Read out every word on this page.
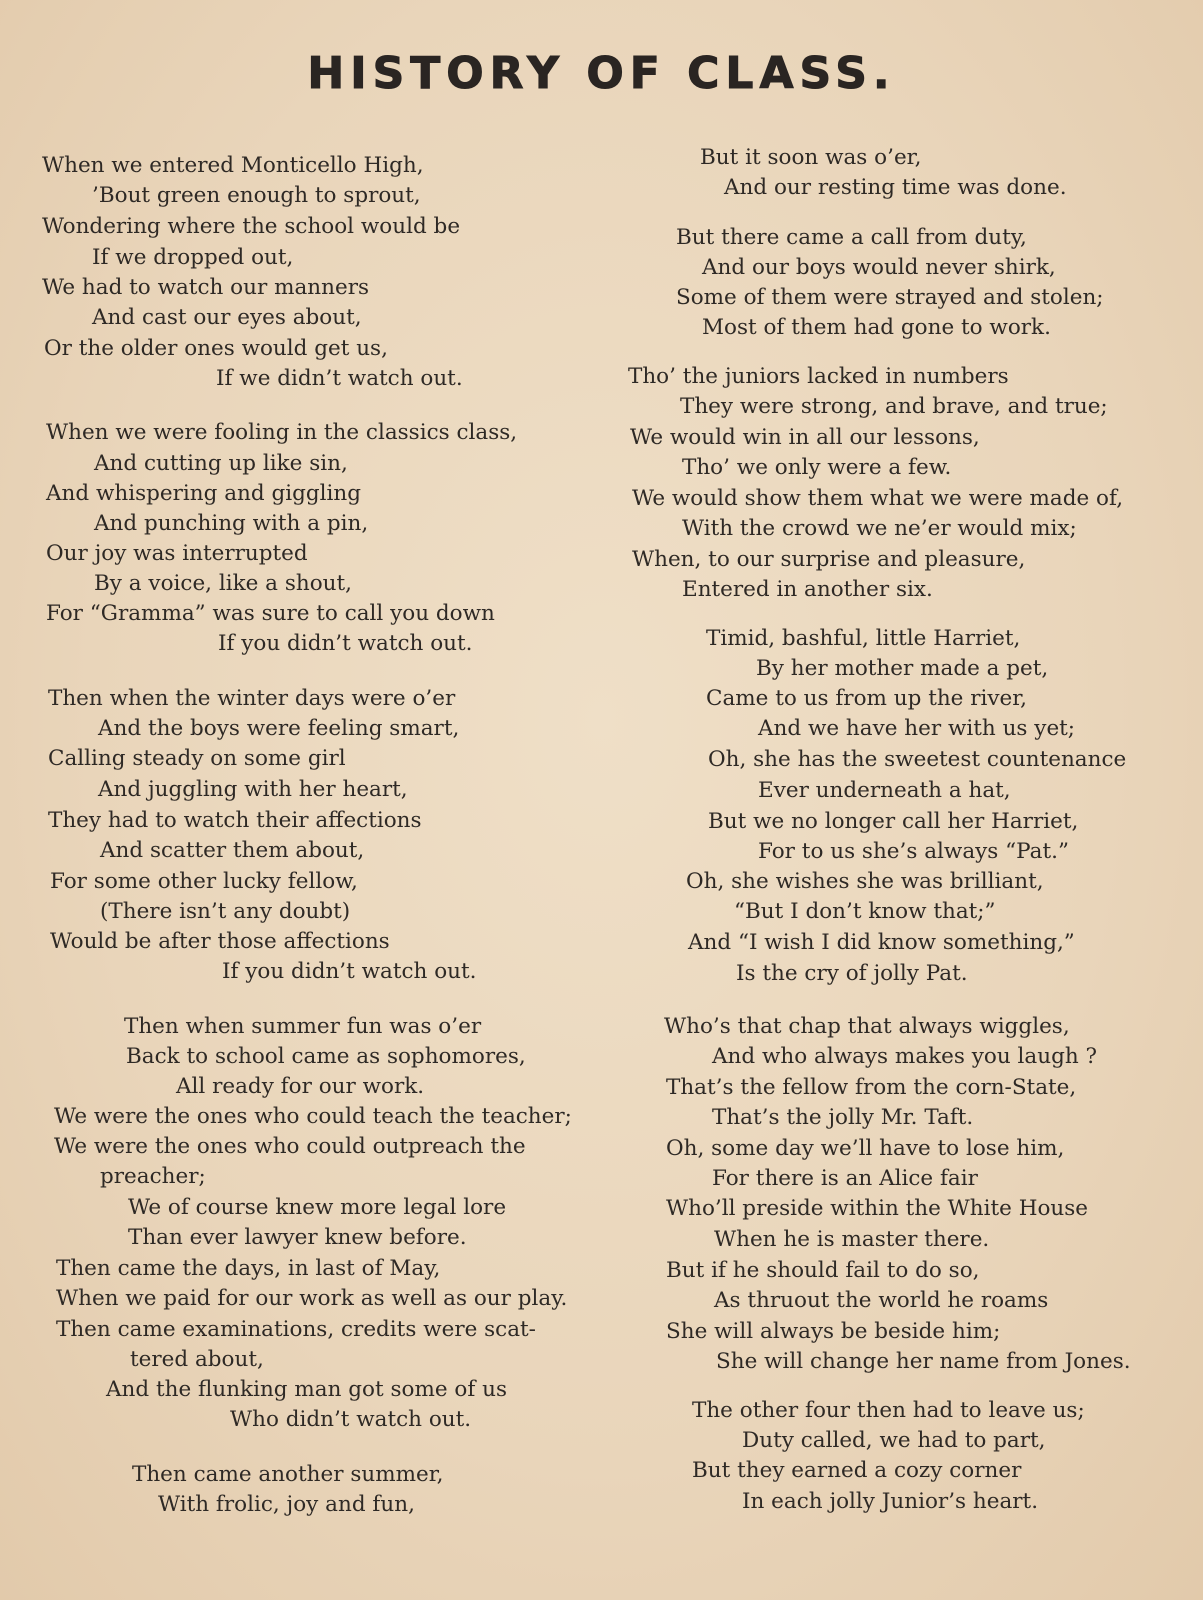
HISTORY OF CLASS.
When we entered Monticello High,
’Bout green enough to sprout,
Wondering where the school would be
If we dropped out,
We had to watch our manners
And cast our eyes about,
Or the older ones would get us,
If we didn’t watch out.
When we were fooling in the classics class,
And cutting up like sin,
And whispering and giggling
And punching with a pin,
Our joy was interrupted
By a voice, like a shout,
For “Gramma” was sure to call you down
If you didn’t watch out.
Then when the winter days were o’er
And the boys were feeling smart,
Calling steady on some girl
And juggling with her heart,
They had to watch their affections
And scatter them about,
For some other lucky fellow,
(There isn’t any doubt)
Would be after those affections
If you didn’t watch out.
Then when summer fun was o’er
Back to school came as sophomores,
All ready for our work.
We were the ones who could teach the teacher;
We were the ones who could outpreach the
preacher;
We of course knew more legal lore
Than ever lawyer knew before.
Then came the days, in last of May,
When we paid for our work as well as our play.
Then came examinations, credits were scat-
tered about,
And the flunking man got some of us
Who didn’t watch out.
Then came another summer,
With frolic, joy and fun,
But it soon was o’er,
And our resting time was done.
But there came a call from duty,
And our boys would never shirk,
Some of them were strayed and stolen;
Most of them had gone to work.
Tho’ the juniors lacked in numbers
They were strong, and brave, and true;
We would win in all our lessons,
Tho’ we only were a few.
We would show them what we were made of,
With the crowd we ne’er would mix;
When, to our surprise and pleasure,
Entered in another six.
Timid, bashful, little Harriet,
By her mother made a pet,
Came to us from up the river,
And we have her with us yet;
Oh, she has the sweetest countenance
Ever underneath a hat,
But we no longer call her Harriet,
For to us she’s always “Pat.”
Oh, she wishes she was brilliant,
“But I don’t know that;”
And “I wish I did know something,”
Is the cry of jolly Pat.
Who’s that chap that always wiggles,
And who always makes you laugh ?
That’s the fellow from the corn-State,
That’s the jolly Mr. Taft.
Oh, some day we’ll have to lose him,
For there is an Alice fair
Who’ll preside within the White House
When he is master there.
But if he should fail to do so,
As thruout the world he roams
She will always be beside him;
She will change her name from Jones.
The other four then had to leave us;
Duty called, we had to part,
But they earned a cozy corner
In each jolly Junior’s heart.
